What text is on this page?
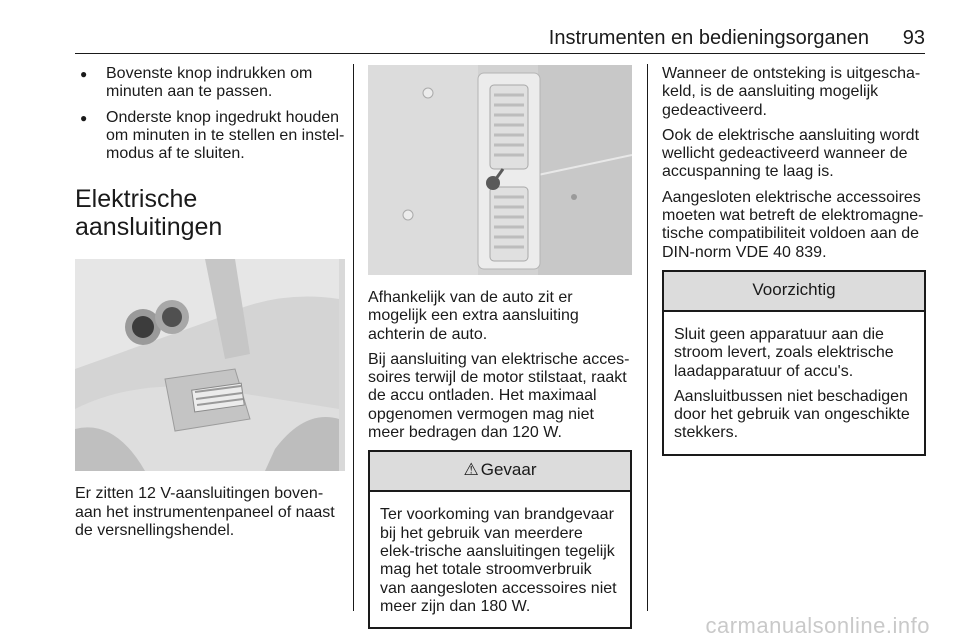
Instrumenten en bedieningsorganen 93
● Bovenste knop indrukken om minuten aan te passen.
● Onderste knop ingedrukt houden om minuten in te stellen en instel-modus af te sluiten.
Elektrische aansluitingen

Er zitten 12 V-aansluitingen boven-aan het instrumentenpaneel of naast de versnellingshendel.

Afhankelijk van de auto zit er mogelijk een extra aansluiting achterin de auto.

Bij aansluiting van elektrische acces-soires terwijl de motor stilstaat, raakt de accu ontladen. Het maximaal opgenomen vermogen mag niet meer bedragen dan 120 W.

⚠ Gevaar

Ter voorkoming van brandgevaar bij het gebruik van meerdere elek-trische aansluitingen tegelijk mag het totale stroomverbruik van aangesloten accessoires niet meer zijn dan 180 W.

Wanneer de ontsteking is uitgescha-keld, is de aansluiting mogelijk gedeactiveerd.

Ook de elektrische aansluiting wordt wellicht gedeactiveerd wanneer de accuspanning te laag is.

Aangesloten elektrische accessoires moeten wat betreft de elektromagne-tische compatibiliteit voldoen aan de DIN-norm VDE 40 839.

Voorzichtig

Sluit geen apparatuur aan die stroom levert, zoals elektrische laadapparatuur of accu's.

Aansluitbussen niet beschadigen door het gebruik van ongeschikte stekkers.

carmanualsonline.info
